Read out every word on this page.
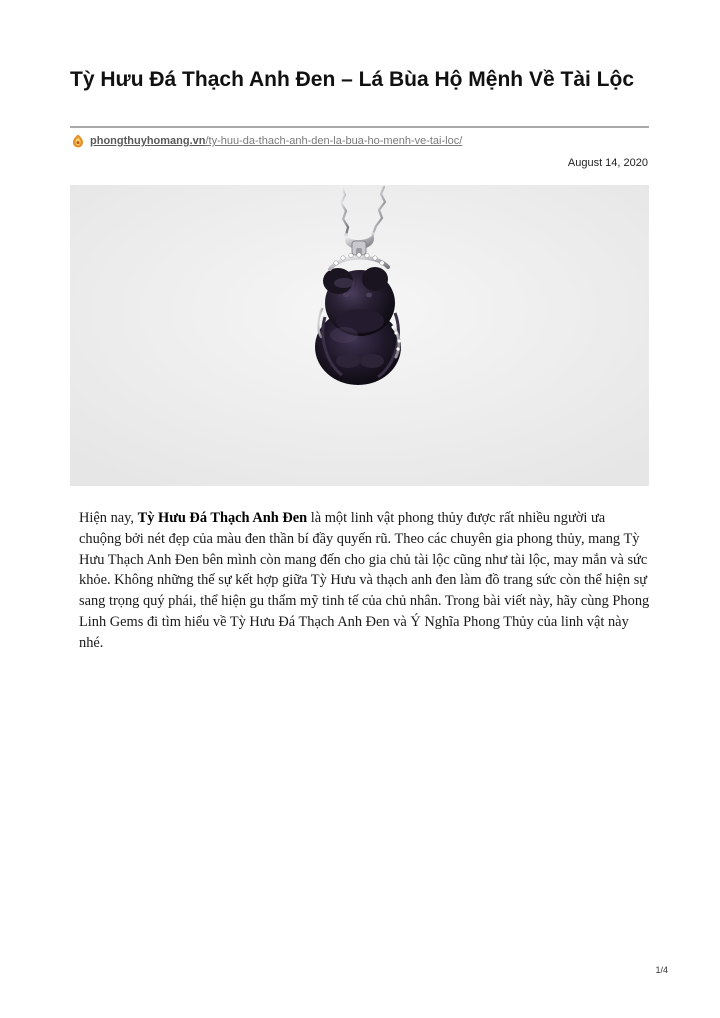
Tỳ Hưu Đá Thạch Anh Đen – Lá Bùa Hộ Mệnh Về Tài Lộc
phongthuyhomang.vn /ty-huu-da-thach-anh-den-la-bua-ho-menh-ve-tai-loc/
August 14, 2020

Hiện nay, Tỳ Hưu Đá Thạch Anh Đen là một linh vật phong thủy được rất nhiều người ưa chuộng bởi nét đẹp của màu đen thần bí đầy quyến rũ. Theo các chuyên gia phong thủy, mang Tỳ Hưu Thạch Anh Đen bên mình còn mang đến cho gia chủ tài lộc cũng như tài lộc, may mắn và sức khỏe. Không những thế sự kết hợp giữa Tỳ Hưu và thạch anh đen làm đồ trang sức còn thể hiện sự sang trọng quý phái, thể hiện gu thẩm mỹ tinh tế của chủ nhân. Trong bài viết này, hãy cùng Phong Linh Gems đi tìm hiểu về Tỳ Hưu Đá Thạch Anh Đen và Ý Nghĩa Phong Thủy của linh vật này nhé.

1/4
